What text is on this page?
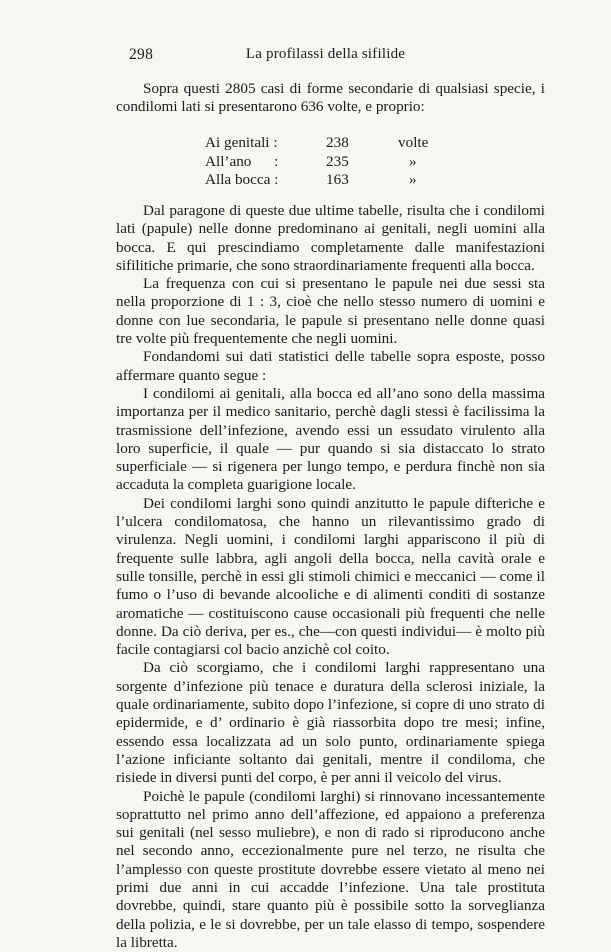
298	La profilassi della sifilide

Sopra questi 2805 casi di forme secondarie di qualsiasi specie, i condilomi lati si presentarono 636 volte, e proprio:

Ai genitali :	238	volte
All’ano      :	235	»
Alla bocca :	163	»

Dal paragone di queste due ultime tabelle, risulta che i condilomi lati (papule) nelle donne predominano ai genitali, negli uomini alla bocca. E qui prescindiamo completamente dalle manifestazioni sifilitiche primarie, che sono straordinariamente frequenti alla bocca.

La frequenza con cui si presentano le papule nei due sessi sta nella proporzione di 1 : 3, cioè che nello stesso numero di uomini e donne con lue secondaria, le papule si presentano nelle donne quasi tre volte più frequentemente che negli uomini.

Fondandomi sui dati statistici delle tabelle sopra esposte, posso affermare quanto segue :

I condilomi ai genitali, alla bocca ed all’ano sono della massima importanza per il medico sanitario, perchè dagli stessi è facilissima la trasmissione dell’infezione, avendo essi un essudato virulento alla loro superficie, il quale — pur quando si sia distaccato lo strato superficiale — si rigenera per lungo tempo, e perdura finchè non sia accaduta la completa guarigione locale.

Dei condilomi larghi sono quindi anzitutto le papule difteriche e l’ulcera condilomatosa, che hanno un rilevantissimo grado di virulenza. Negli uomini, i condilomi larghi appariscono il più di frequente sulle labbra, agli angoli della bocca, nella cavità orale e sulle tonsille, perchè in essi gli stimoli chimici e meccanici — come il fumo o l’uso di bevande alcooliche e di alimenti conditi di sostanze aromatiche — costituiscono cause occasionali più frequenti che nelle donne. Da ciò deriva, per es., che—con questi individui— è molto più facile contagiarsi col bacio anzichè col coito.

Da ciò scorgiamo, che i condilomi larghi rappresentano una sorgente d’infezione più tenace e duratura della sclerosi iniziale, la quale ordinariamente, subito dopo l’infezione, si copre di uno strato di epidermide, e d’ ordinario è già riassorbita dopo tre mesi; infine, essendo essa localizzata ad un solo punto, ordinariamente spiega l’azione inficiante soltanto dai genitali, mentre il condiloma, che risiede in diversi punti del corpo, è per anni il veicolo del virus.

Poichè le papule (condilomi larghi) si rinnovano incessantemente soprattutto nel primo anno dell’affezione, ed appaiono a preferenza sui genitali (nel sesso muliebre), e non di rado si riproducono anche nel secondo anno, eccezionalmente pure nel terzo, ne risulta che l’amplesso con queste prostitute dovrebbe essere vietato al meno nei primi due anni in cui accadde l’infezione. Una tale prostituta dovrebbe, quindi, stare quanto più è possibile sotto la sorveglianza della polizia, e le si dovrebbe, per un tale elasso di tempo, sospendere la libretta.
